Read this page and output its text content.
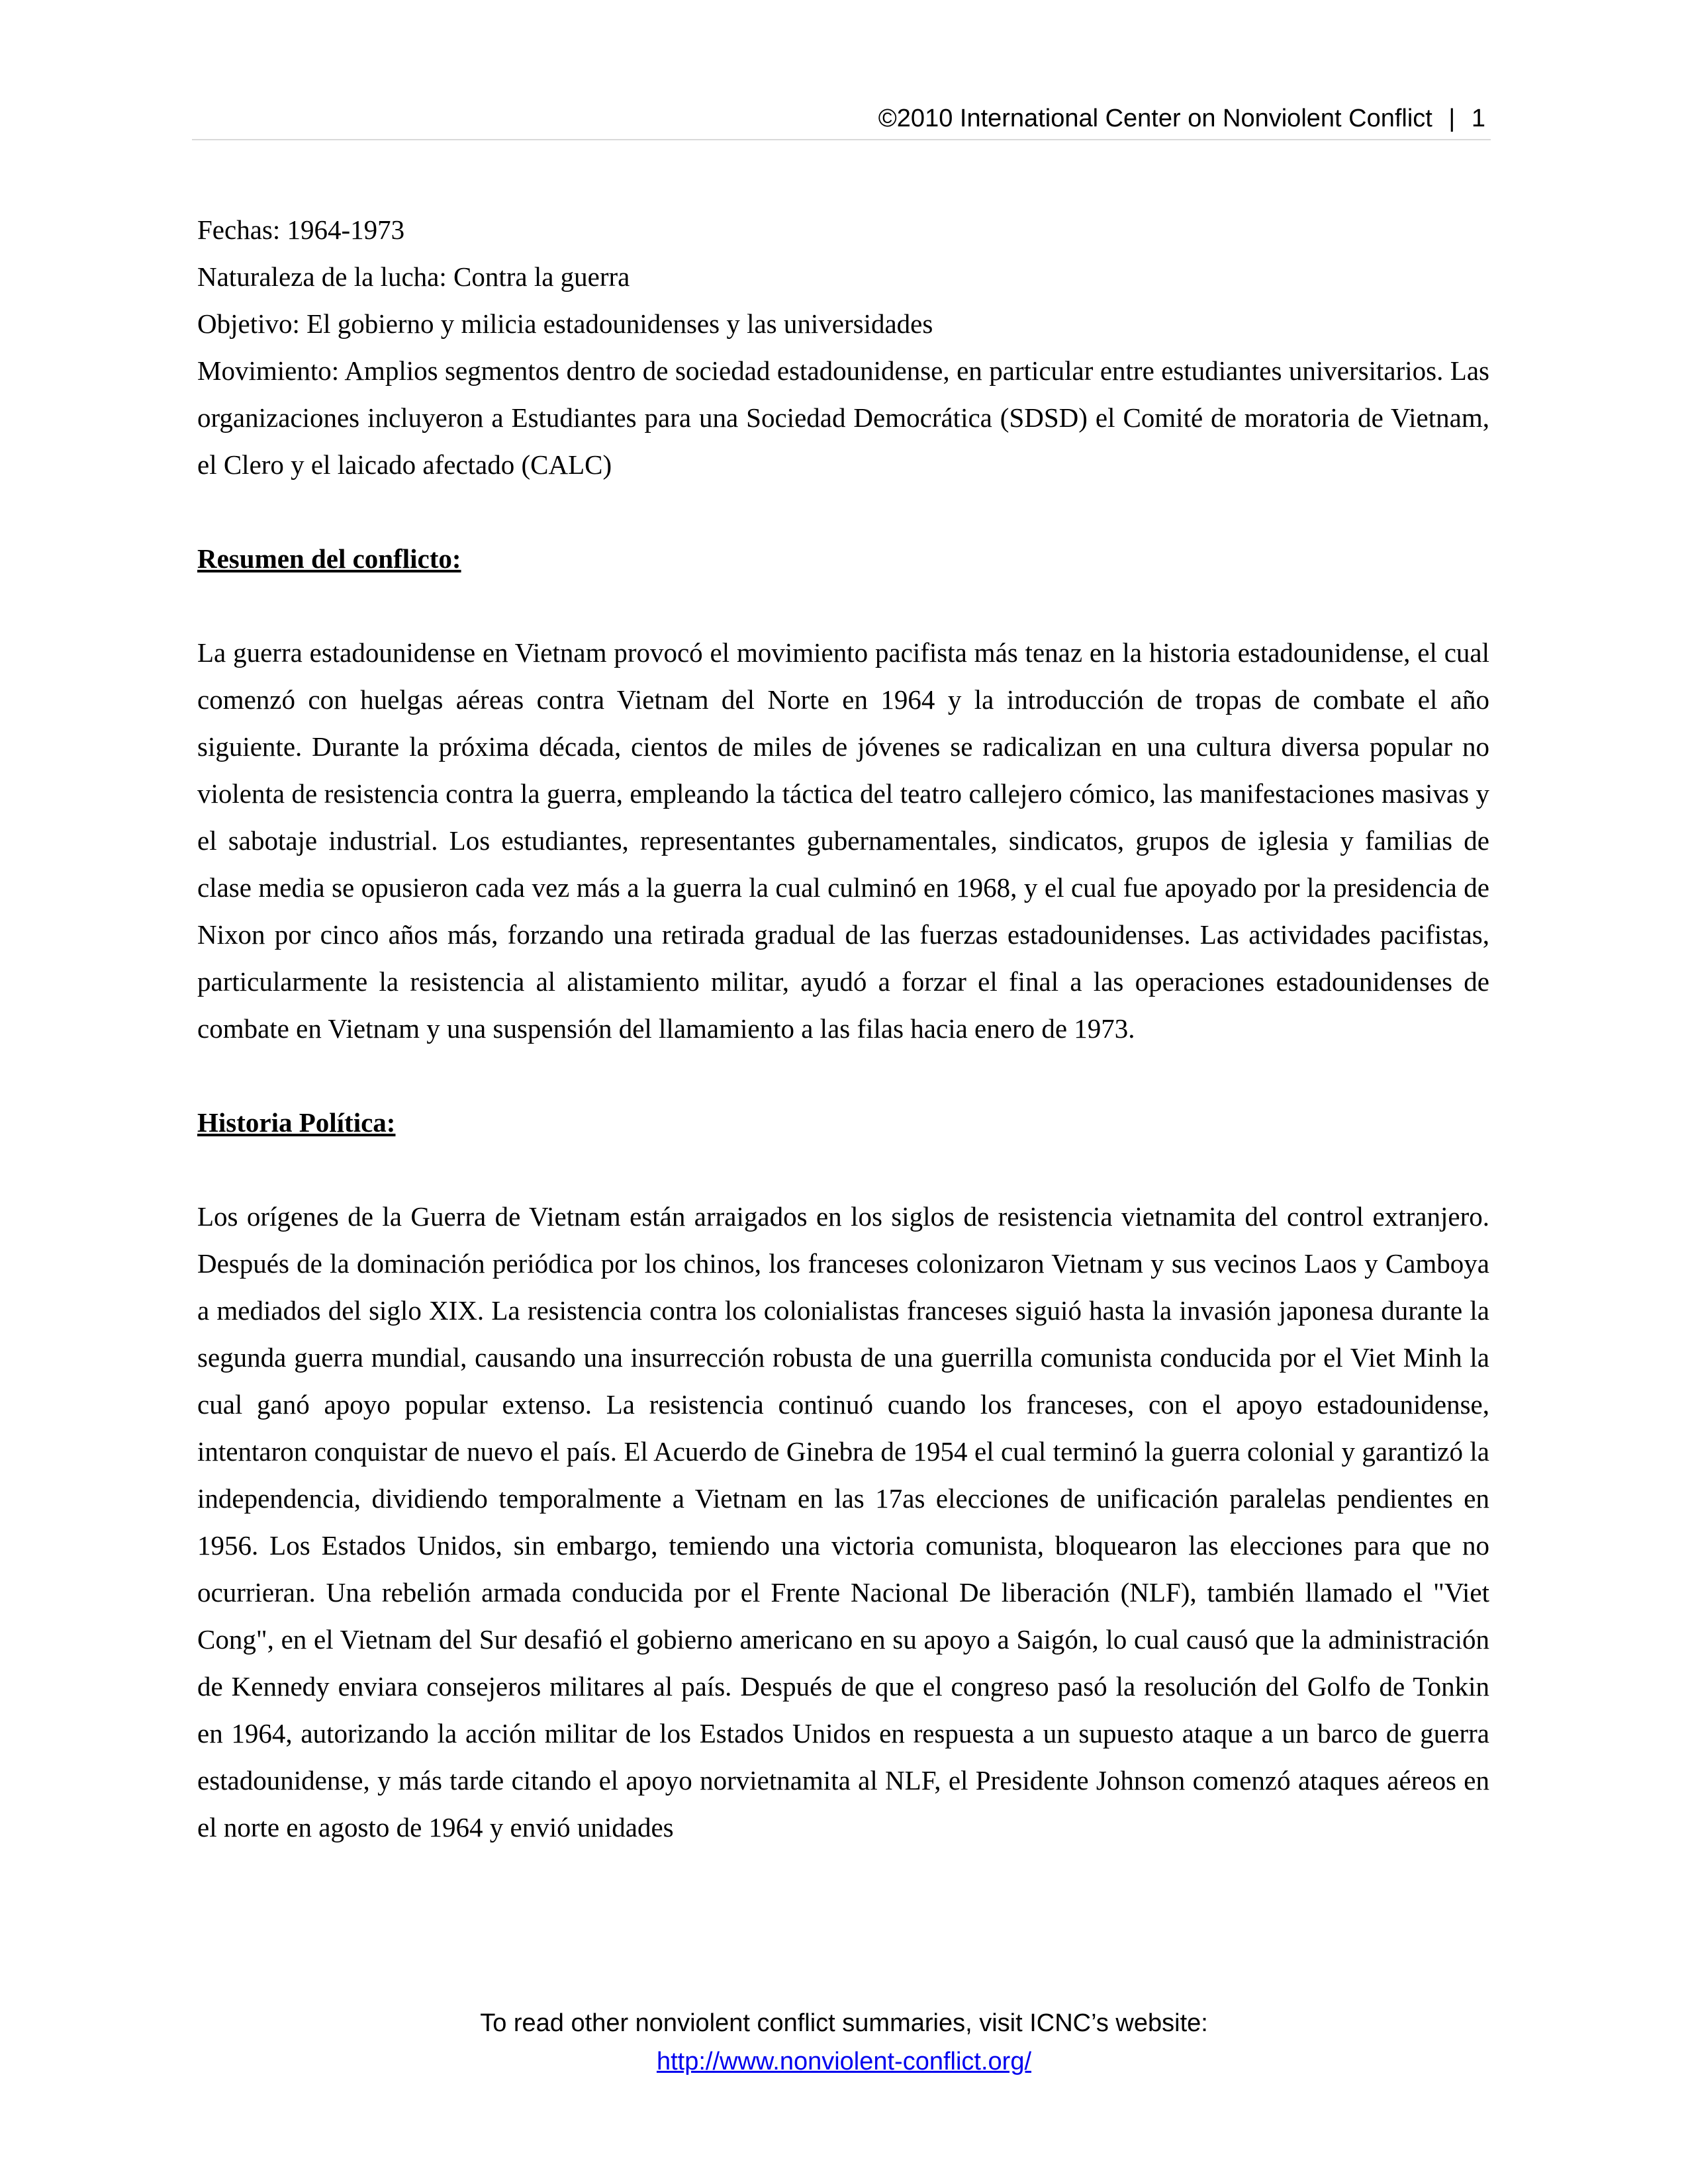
©2010 International Center on Nonviolent Conflict | 1

Fechas: 1964-1973

Naturaleza de la lucha: Contra la guerra

Objetivo: El gobierno y milicia estadounidenses y las universidades

Movimiento: Amplios segmentos dentro de sociedad estadounidense, en particular entre estudiantes universitarios. Las organizaciones incluyeron a Estudiantes para una Sociedad Democrática (SDSD) el Comité de moratoria de Vietnam, el Clero y el laicado afectado (CALC)

Resumen del conflicto:

La guerra estadounidense en Vietnam provocó el movimiento pacifista más tenaz en la historia estadounidense, el cual comenzó con huelgas aéreas contra Vietnam del Norte en 1964 y la introducción de tropas de combate el año siguiente. Durante la próxima década, cientos de miles de jóvenes se radicalizan en una cultura diversa popular no violenta de resistencia contra la guerra, empleando la táctica del teatro callejero cómico, las manifestaciones masivas y el sabotaje industrial. Los estudiantes, representantes gubernamentales, sindicatos, grupos de iglesia y familias de clase media se opusieron cada vez más a la guerra la cual culminó en 1968, y el cual fue apoyado por la presidencia de Nixon por cinco años más, forzando una retirada gradual de las fuerzas estadounidenses. Las actividades pacifistas, particularmente la resistencia al alistamiento militar, ayudó a forzar el final a las operaciones estadounidenses de combate en Vietnam y una suspensión del llamamiento a las filas hacia enero de 1973.

Historia Política:

Los orígenes de la Guerra de Vietnam están arraigados en los siglos de resistencia vietnamita del control extranjero. Después de la dominación periódica por los chinos, los franceses colonizaron Vietnam y sus vecinos Laos y Camboya a mediados del siglo XIX. La resistencia contra los colonialistas franceses siguió hasta la invasión japonesa durante la segunda guerra mundial, causando una insurrección robusta de una guerrilla comunista conducida por el Viet Minh la cual ganó apoyo popular extenso. La resistencia continuó cuando los franceses, con el apoyo estadounidense, intentaron conquistar de nuevo el país. El Acuerdo de Ginebra de 1954 el cual terminó la guerra colonial y garantizó la independencia, dividiendo temporalmente a Vietnam en las 17as elecciones de unificación paralelas pendientes en 1956. Los Estados Unidos, sin embargo, temiendo una victoria comunista, bloquearon las elecciones para que no ocurrieran. Una rebelión armada conducida por el Frente Nacional De liberación (NLF), también llamado el "Viet Cong", en el Vietnam del Sur desafió el gobierno americano en su apoyo a Saigón, lo cual causó que la administración de Kennedy enviara consejeros militares al país. Después de que el congreso pasó la resolución del Golfo de Tonkin en 1964, autorizando la acción militar de los Estados Unidos en respuesta a un supuesto ataque a un barco de guerra estadounidense, y más tarde citando el apoyo norvietnamita al NLF, el Presidente Johnson comenzó ataques aéreos en el norte en agosto de 1964 y envió unidades

To read other nonviolent conflict summaries, visit ICNC’s website:
http://www.nonviolent-conflict.org/
